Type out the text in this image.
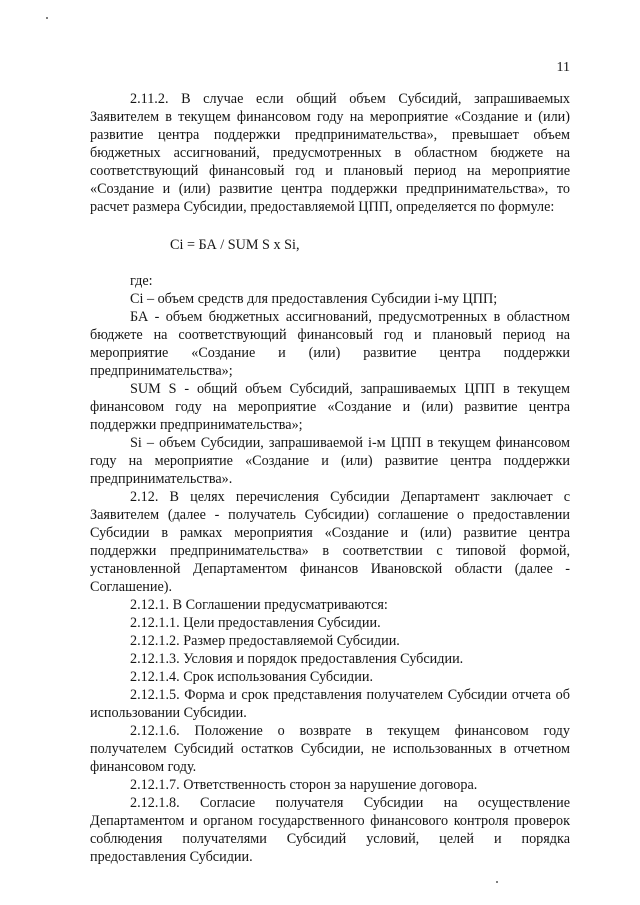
11

2.11.2. В случае если общий объем Субсидий, запрашиваемых Заявителем в текущем финансовом году на мероприятие «Создание и (или) развитие центра поддержки предпринимательства», превышает объем бюджетных ассигнований, предусмотренных в областном бюджете на соответствующий финансовый год и плановый период на мероприятие «Создание и (или) развитие центра поддержки предпринимательства», то расчет размера Субсидии, предоставляемой ЦПП, определяется по формуле:

Ci = БА / SUM S x Si,

где:

Ci – объем средств для предоставления Субсидии i-му ЦПП;

БА - объем бюджетных ассигнований, предусмотренных в областном бюджете на соответствующий финансовый год и плановый период на мероприятие «Создание и (или) развитие центра поддержки предпринимательства»;

SUM S - общий объем Субсидий, запрашиваемых ЦПП в текущем финансовом году на мероприятие «Создание и (или) развитие центра поддержки предпринимательства»;

Si – объем Субсидии, запрашиваемой i-м ЦПП в текущем финансовом году на мероприятие «Создание и (или) развитие центра поддержки предпринимательства».

2.12. В целях перечисления Субсидии Департамент заключает с Заявителем (далее - получатель Субсидии) соглашение о предоставлении Субсидии в рамках мероприятия «Создание и (или) развитие центра поддержки предпринимательства» в соответствии с типовой формой, установленной Департаментом финансов Ивановской области (далее - Соглашение).

2.12.1. В Соглашении предусматриваются:

2.12.1.1. Цели предоставления Субсидии.

2.12.1.2. Размер предоставляемой Субсидии.

2.12.1.3. Условия и порядок предоставления Субсидии.

2.12.1.4. Срок использования Субсидии.

2.12.1.5. Форма и срок представления получателем Субсидии отчета об использовании Субсидии.

2.12.1.6. Положение о возврате в текущем финансовом году получателем Субсидий остатков Субсидии, не использованных в отчетном финансовом году.

2.12.1.7. Ответственность сторон за нарушение договора.

2.12.1.8. Согласие получателя Субсидии на осуществление Департаментом и органом государственного финансового контроля проверок соблюдения получателями Субсидий условий, целей и порядка предоставления Субсидии.
